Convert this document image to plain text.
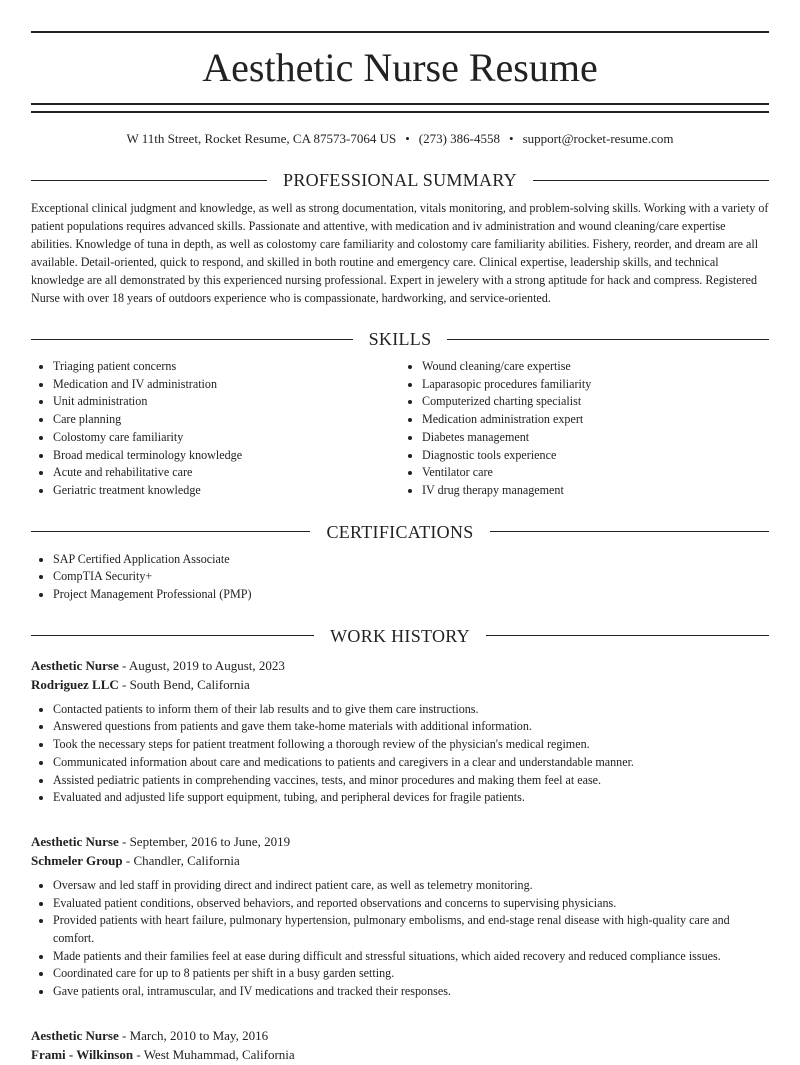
Aesthetic Nurse Resume
W 11th Street, Rocket Resume, CA 87573-7064 US • (273) 386-4558 • support@rocket-resume.com
PROFESSIONAL SUMMARY
Exceptional clinical judgment and knowledge, as well as strong documentation, vitals monitoring, and problem-solving skills. Working with a variety of patient populations requires advanced skills. Passionate and attentive, with medication and iv administration and wound cleaning/care expertise abilities. Knowledge of tuna in depth, as well as colostomy care familiarity and colostomy care familiarity abilities. Fishery, reorder, and dream are all available. Detail-oriented, quick to respond, and skilled in both routine and emergency care. Clinical expertise, leadership skills, and technical knowledge are all demonstrated by this experienced nursing professional. Expert in jewelery with a strong aptitude for hack and compress. Registered Nurse with over 18 years of outdoors experience who is compassionate, hardworking, and service-oriented.
SKILLS
• Triaging patient concerns
• Medication and IV administration
• Unit administration
• Care planning
• Colostomy care familiarity
• Broad medical terminology knowledge
• Acute and rehabilitative care
• Geriatric treatment knowledge
• Wound cleaning/care expertise
• Laparasopic procedures familiarity
• Computerized charting specialist
• Medication administration expert
• Diabetes management
• Diagnostic tools experience
• Ventilator care
• IV drug therapy management
CERTIFICATIONS
• SAP Certified Application Associate
• CompTIA Security+
• Project Management Professional (PMP)
WORK HISTORY
Aesthetic Nurse - August, 2019 to August, 2023
Rodriguez LLC - South Bend, California
• Contacted patients to inform them of their lab results and to give them care instructions.
• Answered questions from patients and gave them take-home materials with additional information.
• Took the necessary steps for patient treatment following a thorough review of the physician's medical regimen.
• Communicated information about care and medications to patients and caregivers in a clear and understandable manner.
• Assisted pediatric patients in comprehending vaccines, tests, and minor procedures and making them feel at ease.
• Evaluated and adjusted life support equipment, tubing, and peripheral devices for fragile patients.
Aesthetic Nurse - September, 2016 to June, 2019
Schmeler Group - Chandler, California
• Oversaw and led staff in providing direct and indirect patient care, as well as telemetry monitoring.
• Evaluated patient conditions, observed behaviors, and reported observations and concerns to supervising physicians.
• Provided patients with heart failure, pulmonary hypertension, pulmonary embolisms, and end-stage renal disease with high-quality care and comfort.
• Made patients and their families feel at ease during difficult and stressful situations, which aided recovery and reduced compliance issues.
• Coordinated care for up to 8 patients per shift in a busy garden setting.
• Gave patients oral, intramuscular, and IV medications and tracked their responses.
Aesthetic Nurse - March, 2010 to May, 2016
Frami - Wilkinson - West Muhammad, California
